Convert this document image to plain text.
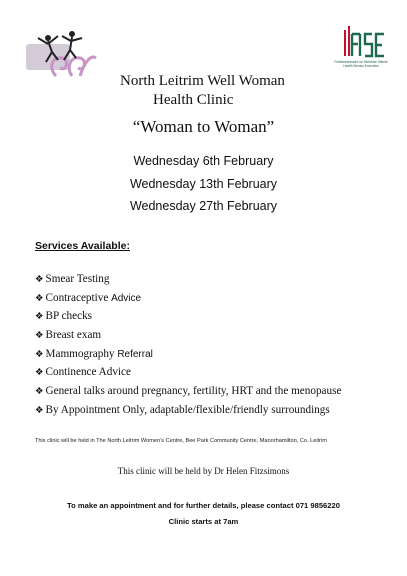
Feidhmeannacht na Seirbhíse Sláinte Health Service Executive
North Leitrim Well Woman
Health Clinic
“Woman to Woman”
Wednesday 6th February
Wednesday 13th February
Wednesday 27th February
Services Available:
❖ Smear Testing
❖ Contraceptive Advice
❖ BP checks
❖ Breast exam
❖ Mammography Referral
❖ Continence Advice
❖ General talks around pregnancy, fertility, HRT and the menopause
❖ By Appointment Only, adaptable/flexible/friendly surroundings
This clinic will be held in The North Leitrim Women’s Centre, Bee Park Community Centre, Manorhamilton, Co. Leitrim
This clinic will be held by Dr Helen Fitzsimons
To make an appointment and for further details, please contact 071 9856220
Clinic starts at 7am
